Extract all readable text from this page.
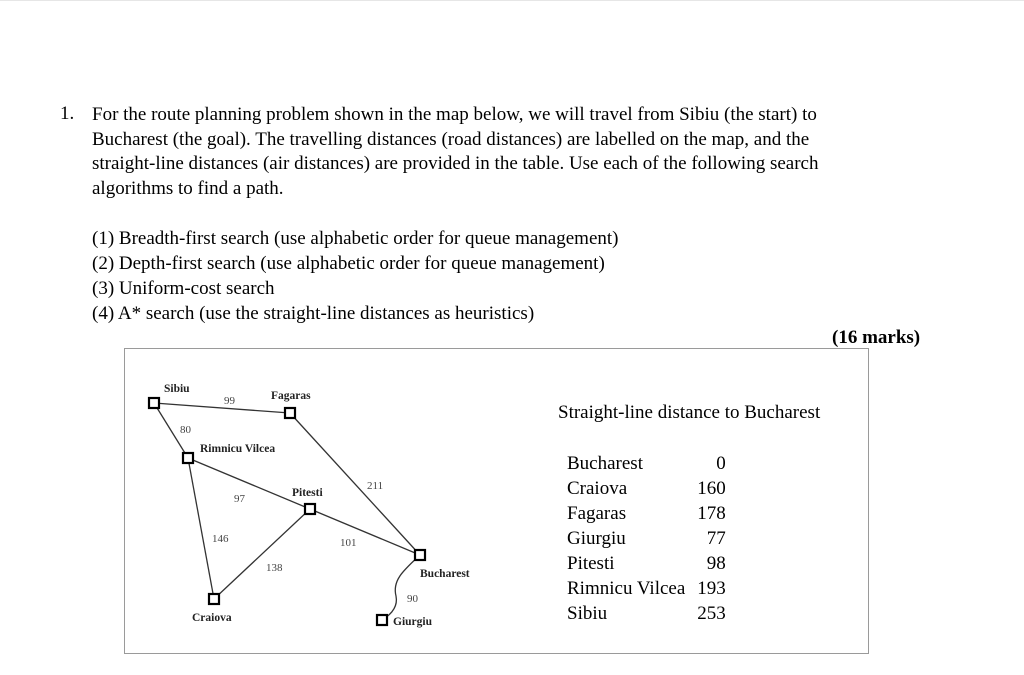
1. For the route planning problem shown in the map below, we will travel from Sibiu (the start) to

Bucharest (the goal). The travelling distances (road distances) are labelled on the map, and the

straight-line distances (air distances) are provided in the table. Use each of the following search

algorithms to find a path.

(1) Breadth-first search (use alphabetic order for queue management)
(2) Depth-first search (use alphabetic order for queue management)
(3) Uniform-cost search
(4) A* search (use the straight-line distances as heuristics)
(16 marks)
Sibiu
Fagaras
Rimnicu Vilcea
Pitesti
Bucharest
Craiova	Giurgiu
99
80
97
146
138
101
211
90
Straight-line distance to Bucharest
Bucharest	0
Craiova	160
Fagaras	178
Giurgiu	77
Pitesti	98
Rimnicu Vilcea	193
Sibiu	253
